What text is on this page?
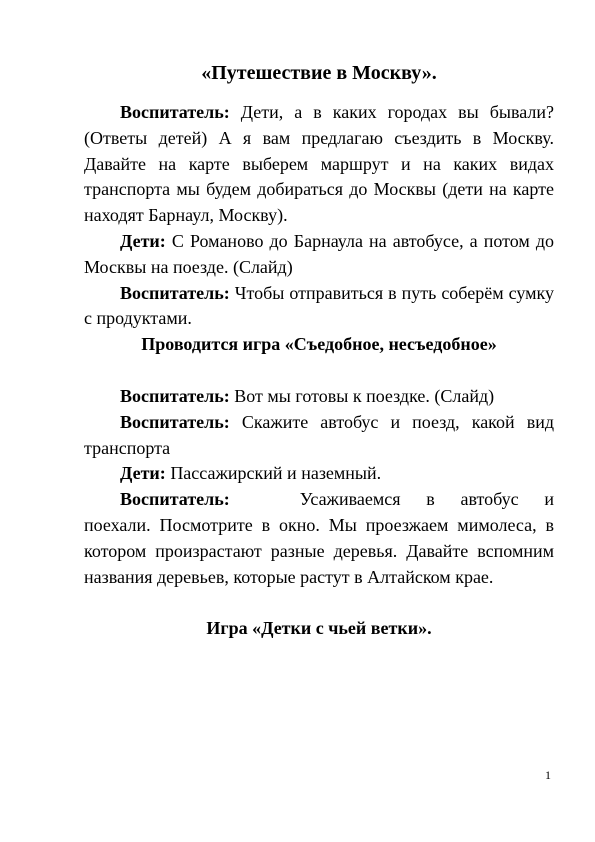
«Путешествие в Москву».

Воспитатель: Дети, а в каких городах вы бывали? (Ответы детей) А я вам предлагаю съездить в Москву. Давайте на карте выберем маршрут и на каких видах транспорта мы будем добираться до Москвы (дети на карте находят Барнаул, Москву).

Дети: С Романово до Барнаула на автобусе, а потом до Москвы на поезде. (Слайд)

Воспитатель: Чтобы отправиться в путь соберём сумку с продуктами.

Проводится игра «Съедобное, несъедобное»

Воспитатель: Вот мы готовы к поездке. (Слайд)

Воспитатель: Скажите автобус и поезд, какой вид транспорта

Дети: Пассажирский и наземный.

Воспитатель:	Усаживаемся в автобус и поехали. Посмотрите в окно. Мы проезжаем мимолеса, в котором произрастают разные деревья. Давайте вспомним названия деревьев, которые растут в Алтайском крае.

Игра «Детки с чьей ветки».

1
